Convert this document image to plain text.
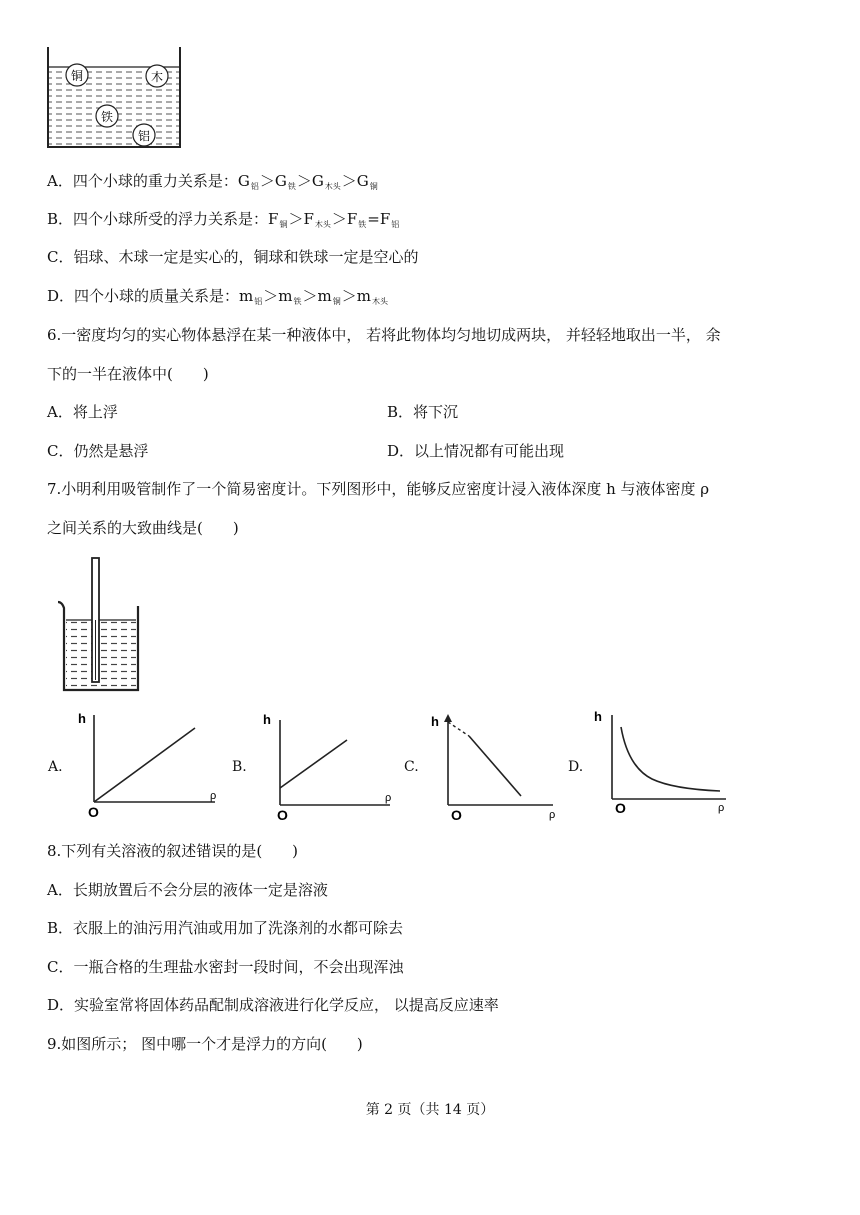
铜	木
铁
铝
A．四个小球的重力关系是：$G_铝>G_铁>G_{木头}>G_铜$
B．四个小球所受的浮力关系是：$F_铜>F_{木头}>F_铁=F_铝$
C．铝球、木球一定是实心的，铜球和铁球一定是空心的
D．四个小球的质量关系是：$m_铝>m_铁>m_铜>m_{木头}$
6.一密度均匀的实心物体悬浮在某一种液体中， 若将此物体均匀地切成两块， 并轻轻地取出一半， 余
下的一半在液体中(　　)
A．将上浮	B．将下沉
C．仍然是悬浮	D．以上情况都有可能出现
7.小明利用吸管制作了一个简易密度计。下列图形中，能够反应密度计浸入液体深度 h 与液体密度 ρ
之间关系的大致曲线是(　　)
A.
h
O
ρ
B.
h
O
ρ
C.
h
O	ρ
D.
h
O	ρ
8.下列有关溶液的叙述错误的是(　　)
A．长期放置后不会分层的液体一定是溶液
B．衣服上的油污用汽油或用加了洗涤剂的水都可除去
C．一瓶合格的生理盐水密封一段时间，不会出现浑浊
D．实验室常将固体药品配制成溶液进行化学反应， 以提高反应速率
9.如图所示； 图中哪一个才是浮力的方向(　　)
第 2 页（共 14 页）
